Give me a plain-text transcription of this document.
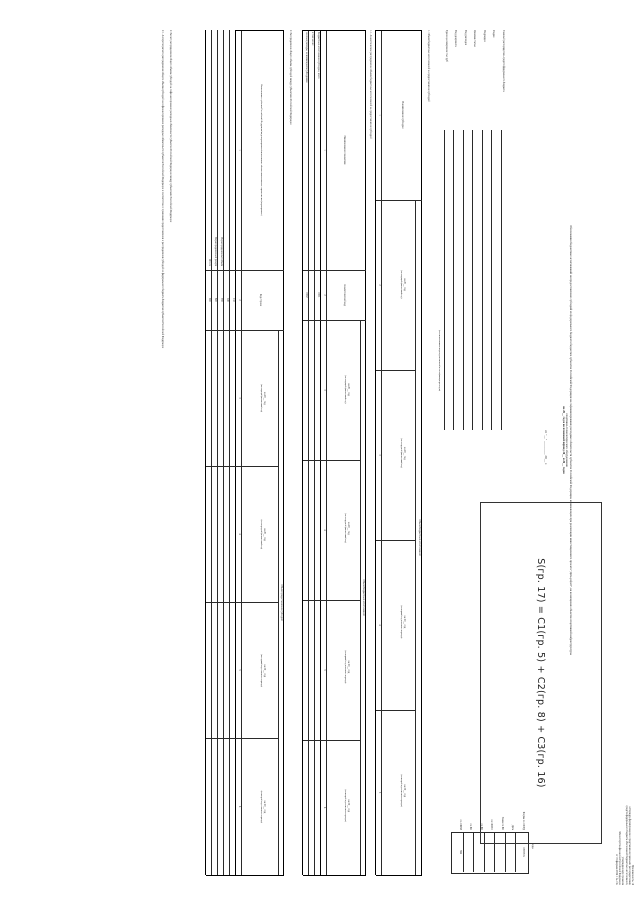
Приложение № 16
к Порядку формирования и представления главными распорядителями
средств федерального бюджета обоснований бюджетных ассигнований,
утвержденному приказом
Министерства финансов Российской Федерации
от 19 февраля 2024 г. № 13н
Обоснования бюджетных ассигнований на предоставление субсидий из федерального бюджета бюджетам субъектов Российской Федерации на софинансирование расходных обязательств субъектов Российской Федерации, возникающих при реализации инвестиционного проекта "Дата-рефит", на возмещение объектов спортивной инфраструктуры
спортивно-технологического оборудования
на 20__ год и на плановый период 20__ и 20__ годов
от "__" ________ 20__ г.
Коды
Форма по ОКУД
0505716
Дата
Глава по БК
по ОКПО
по БК
по БК
по ОКЕИ
384
Главный распорядитель средств федерального бюджета
Раздел
Подраздел
Целевая статья
Вид расходов
Вид документа
Единица измерения: тыс руб
(по наименованию кода ведомственной классификации расходов)
1. Объем бюджетных ассигнований на предоставление субсидий
Объем бюджетных ассигнований
Наименование субсидии
на 20__ год
(на текущий финансовый год)
на 20__ год
(на очередной финансовый год)
на 20__ год
(на первый год планового периода)
на 20__ год
(на второй год планового периода)
1
2
3
4
5
1.1. Аналитическое распределение объема бюджетных ассигнований на предоставление субсидий
Объем бюджетных ассигнований
Наименование показателя
Аналитический код
на 20__ год
(на текущий финансовый год)
на 20__ год
(на очередной финансовый год)
на 20__ год
(на первый год планового периода)
на 20__ год
(на второй год планового периода)
1
2
3
4
5
6
Бюджетные ассигнования субсидии, всего
0001
в том числе:
на иные расходы, не являющиеся субсидиями
0002
2. Распределение общего объема субсидий между субъектами Российской Федерации
Объем предоставления субсидий
Наименование субъекта Российской Федерации/вида мероприятия/наименование объекта капитального строительства (мероприятия)
Код строки
на 20__ год
(на текущий финансовый год)
на 20__ год
(на очередной финансовый год)
на 20__ год
(на первый год планового периода)
на 20__ год
(на второй год планового периода)
1
2
3
4
5
6
010
020
Нераспределенный объем
700
Нераспределенный резерв
800
Итого
900
2. Расчет распределения общего объема субсидий на софинансирование расходных обязательств субъектов Российской Федерации между субъектами Российской Федерации
2.1. Алгоритм расчета распределения общего объема субсидий на софинансирование расходных обязательств субъектов Российской Федерации в соответствии с правилами предоставления и распределения субсидий из федерального бюджета бюджетам субъектов Российской Федерации
S(гр. 17) = C1(гр. 5) + C2(гр. 8) + C3(гр. 16)
